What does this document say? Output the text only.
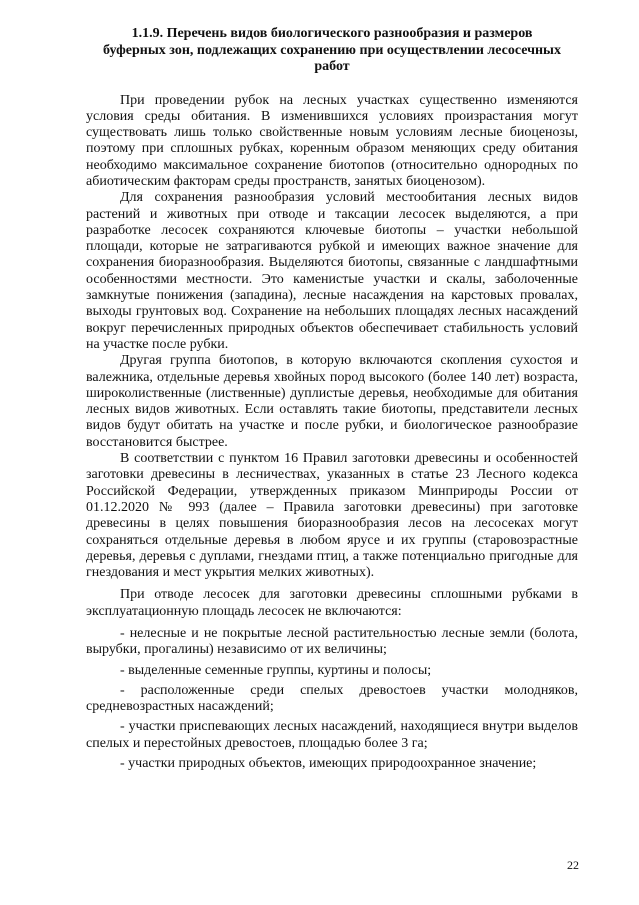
1.1.9. Перечень видов биологического разнообразия и размеров
буферных зон, подлежащих сохранению при осуществлении лесосечных
работ

При проведении рубок на лесных участках существенно изменяются условия среды обитания. В изменившихся условиях произрастания могут существовать лишь только свойственные новым условиям лесные биоценозы, поэтому при сплошных рубках, коренным образом меняющих среду обитания необходимо максимальное сохранение биотопов (относительно однородных по абиотическим факторам среды пространств, занятых биоценозом).

Для сохранения разнообразия условий местообитания лесных видов растений и животных при отводе и таксации лесосек выделяются, а при разработке лесосек сохраняются ключевые биотопы – участки небольшой площади, которые не затрагиваются рубкой и имеющих важное значение для сохранения биоразнообразия. Выделяются биотопы, связанные с ландшафтными особенностями местности. Это каменистые участки и скалы, заболоченные замкнутые понижения (западина), лесные насаждения на карстовых провалах, выходы грунтовых вод. Сохранение на небольших площадях лесных насаждений вокруг перечисленных природных объектов обеспечивает стабильность условий на участке после рубки.

Другая группа биотопов, в которую включаются скопления сухостоя и валежника, отдельные деревья хвойных пород высокого (более 140 лет) возраста, широколиственные (лиственные) дуплистые деревья, необходимые для обитания лесных видов животных. Если оставлять такие биотопы, представители лесных видов будут обитать на участке и после рубки, и биологическое разнообразие восстановится быстрее.

В соответствии с пунктом 16 Правил заготовки древесины и особенностей заготовки древесины в лесничествах, указанных в статье 23 Лесного кодекса Российской Федерации, утвержденных приказом Минприроды России от 01.12.2020 № 993 (далее – Правила заготовки древесины) при заготовке древесины в целях повышения биоразнообразия лесов на лесосеках могут сохраняться отдельные деревья в любом ярусе и их группы (старовозрастные деревья, деревья с дуплами, гнездами птиц, а также потенциально пригодные для гнездования и мест укрытия мелких животных).

При отводе лесосек для заготовки древесины сплошными рубками в эксплуатационную площадь лесосек не включаются:

- нелесные и не покрытые лесной растительностью лесные земли (болота, вырубки, прогалины) независимо от их величины;

- выделенные семенные группы, куртины и полосы;

- расположенные среди спелых древостоев участки молодняков, средневозрастных насаждений;

- участки приспевающих лесных насаждений, находящиеся внутри выделов спелых и перестойных древостоев, площадью более 3 га;

- участки природных объектов, имеющих природоохранное значение;

22
